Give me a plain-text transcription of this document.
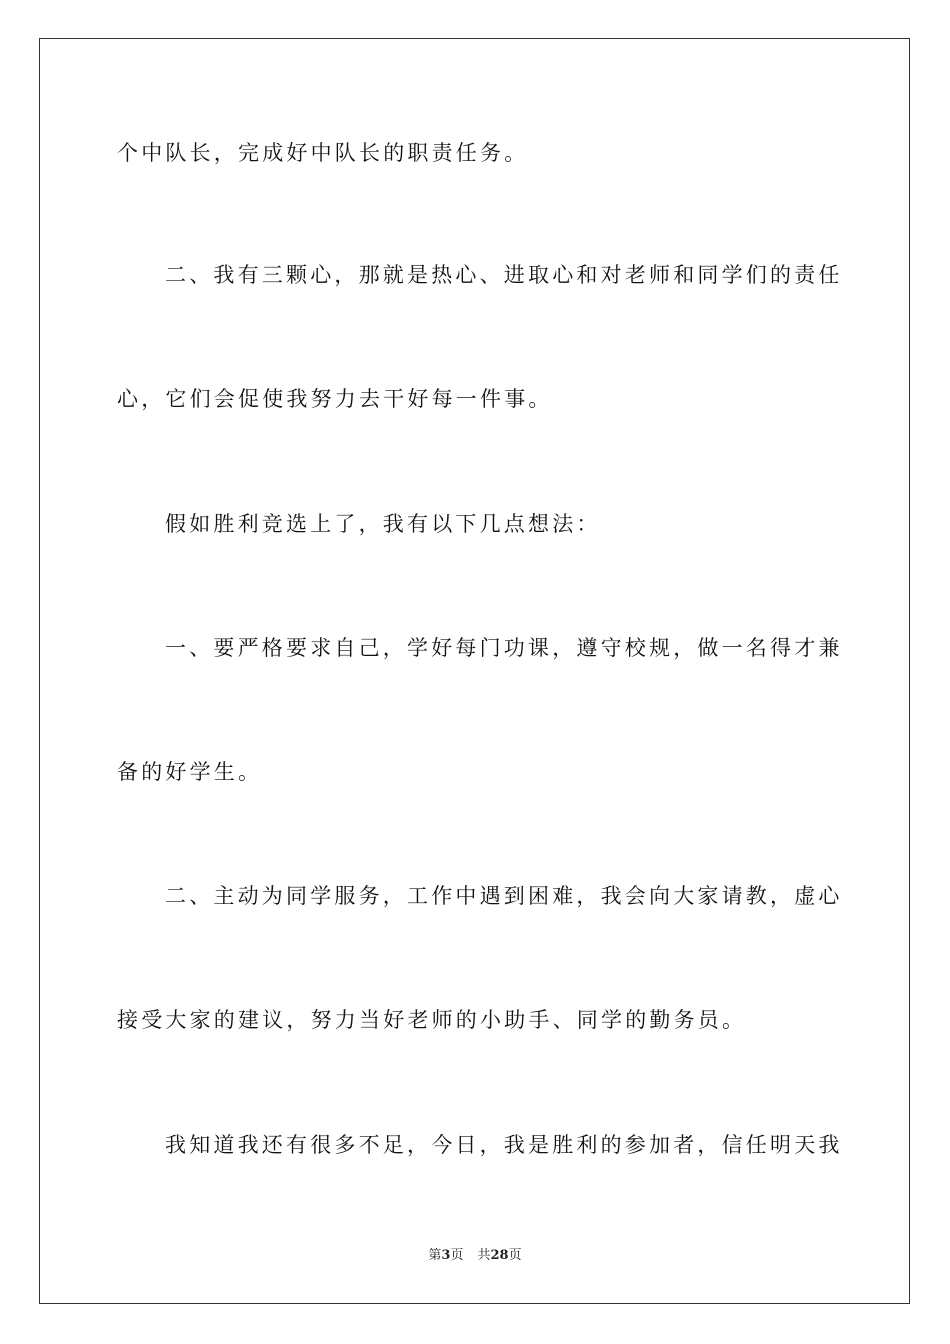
个中队长，完成好中队长的职责任务。
二、我有三颗心，那就是热心、进取心和对老师和同学们的责任
心，它们会促使我努力去干好每一件事。
假如胜利竞选上了，我有以下几点想法：
一、要严格要求自己，学好每门功课，遵守校规，做一名得才兼
备的好学生。
二、主动为同学服务，工作中遇到困难，我会向大家请教，虚心
接受大家的建议，努力当好老师的小助手、同学的勤务员。
我知道我还有很多不足，今日，我是胜利的参加者，信任明天我
第3页 共28页
